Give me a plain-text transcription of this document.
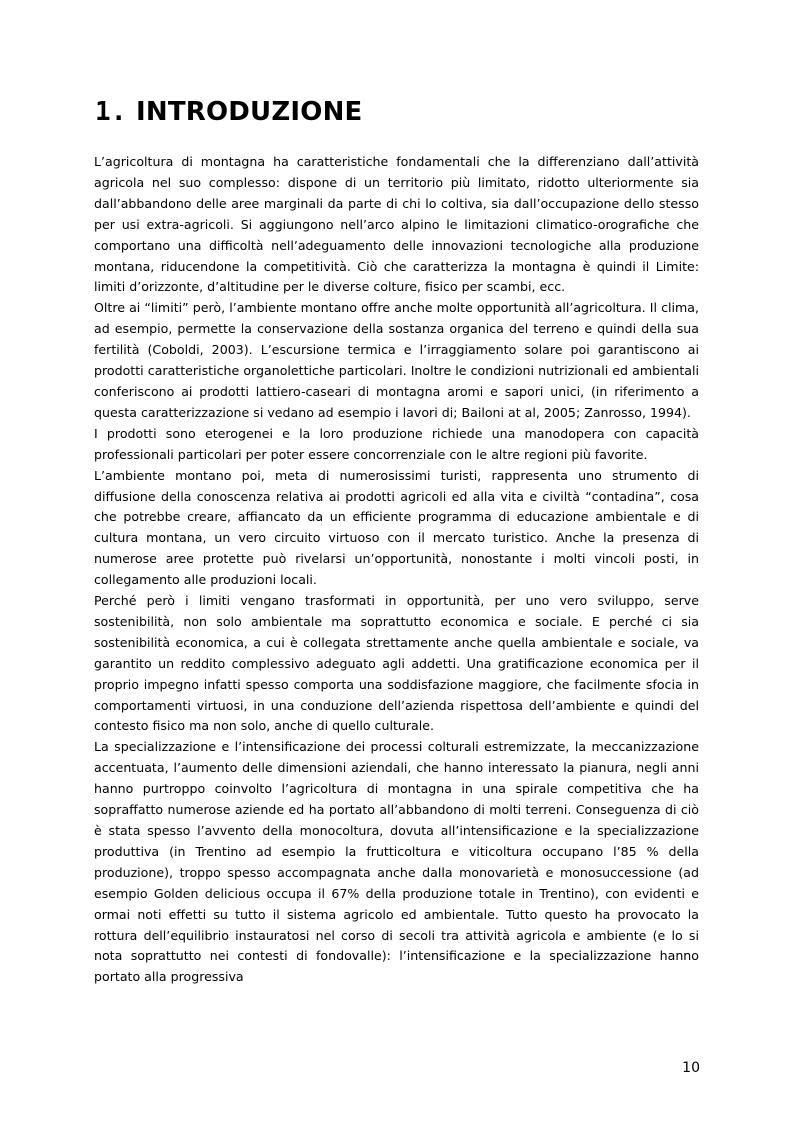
1. INTRODUZIONE

L’agricoltura di montagna ha caratteristiche fondamentali che la differenziano dall’attività agricola nel suo complesso: dispone di un territorio più limitato, ridotto ulteriormente sia dall’abbandono delle aree marginali da parte di chi lo coltiva, sia dall’occupazione dello stesso per usi extra-agricoli. Si aggiungono nell’arco alpino le limitazioni climatico-orografiche che comportano una difficoltà nell’adeguamento delle innovazioni tecnologiche alla produzione montana, riducendone la competitività. Ciò che caratterizza la montagna è quindi il Limite: limiti d’orizzonte, d’altitudine per le diverse colture, fisico per scambi, ecc.

Oltre ai “limiti” però, l’ambiente montano offre anche molte opportunità all’agricoltura. Il clima, ad esempio, permette la conservazione della sostanza organica del terreno e quindi della sua fertilità (Coboldi, 2003). L’escursione termica e l’irraggiamento solare poi garantiscono ai prodotti caratteristiche organolettiche particolari. Inoltre le condizioni nutrizionali ed ambientali conferiscono ai prodotti lattiero-caseari di montagna aromi e sapori unici, (in riferimento a questa caratterizzazione si vedano ad esempio i lavori di; Bailoni at al, 2005; Zanrosso, 1994).

I prodotti sono eterogenei e la loro produzione richiede una manodopera con capacità professionali particolari per poter essere concorrenziale con le altre regioni più favorite.

L’ambiente montano poi, meta di numerosissimi turisti, rappresenta uno strumento di diffusione della conoscenza relativa ai prodotti agricoli ed alla vita e civiltà “contadina”, cosa che potrebbe creare, affiancato da un efficiente programma di educazione ambientale e di cultura montana, un vero circuito virtuoso con il mercato turistico. Anche la presenza di numerose aree protette può rivelarsi un’opportunità, nonostante i molti vincoli posti, in collegamento alle produzioni locali.

Perché però i limiti vengano trasformati in opportunità, per uno vero sviluppo, serve sostenibilità, non solo ambientale ma soprattutto economica e sociale. E perché ci sia sostenibilità economica, a cui è collegata strettamente anche quella ambientale e sociale, va garantito un reddito complessivo adeguato agli addetti. Una gratificazione economica per il proprio impegno infatti spesso comporta una soddisfazione maggiore, che facilmente sfocia in comportamenti virtuosi, in una conduzione dell’azienda rispettosa dell’ambiente e quindi del contesto fisico ma non solo, anche di quello culturale.

La specializzazione e l’intensificazione dei processi colturali estremizzate, la meccanizzazione accentuata, l’aumento delle dimensioni aziendali, che hanno interessato la pianura, negli anni hanno purtroppo coinvolto l’agricoltura di montagna in una spirale competitiva che ha sopraffatto numerose aziende ed ha portato all’abbandono di molti terreni. Conseguenza di ciò è stata spesso l’avvento della monocoltura, dovuta all’intensificazione e la specializzazione produttiva (in Trentino ad esempio la frutticoltura e viticoltura occupano l’85 % della produzione), troppo spesso accompagnata anche dalla monovarietà e monosuccessione (ad esempio Golden delicious occupa il 67% della produzione totale in Trentino), con evidenti e ormai noti effetti su tutto il sistema agricolo ed ambientale. Tutto questo ha provocato la rottura dell’equilibrio instauratosi nel corso di secoli tra attività agricola e ambiente (e lo si nota soprattutto nei contesti di fondovalle): l’intensificazione e la specializzazione hanno portato alla progressiva

10
